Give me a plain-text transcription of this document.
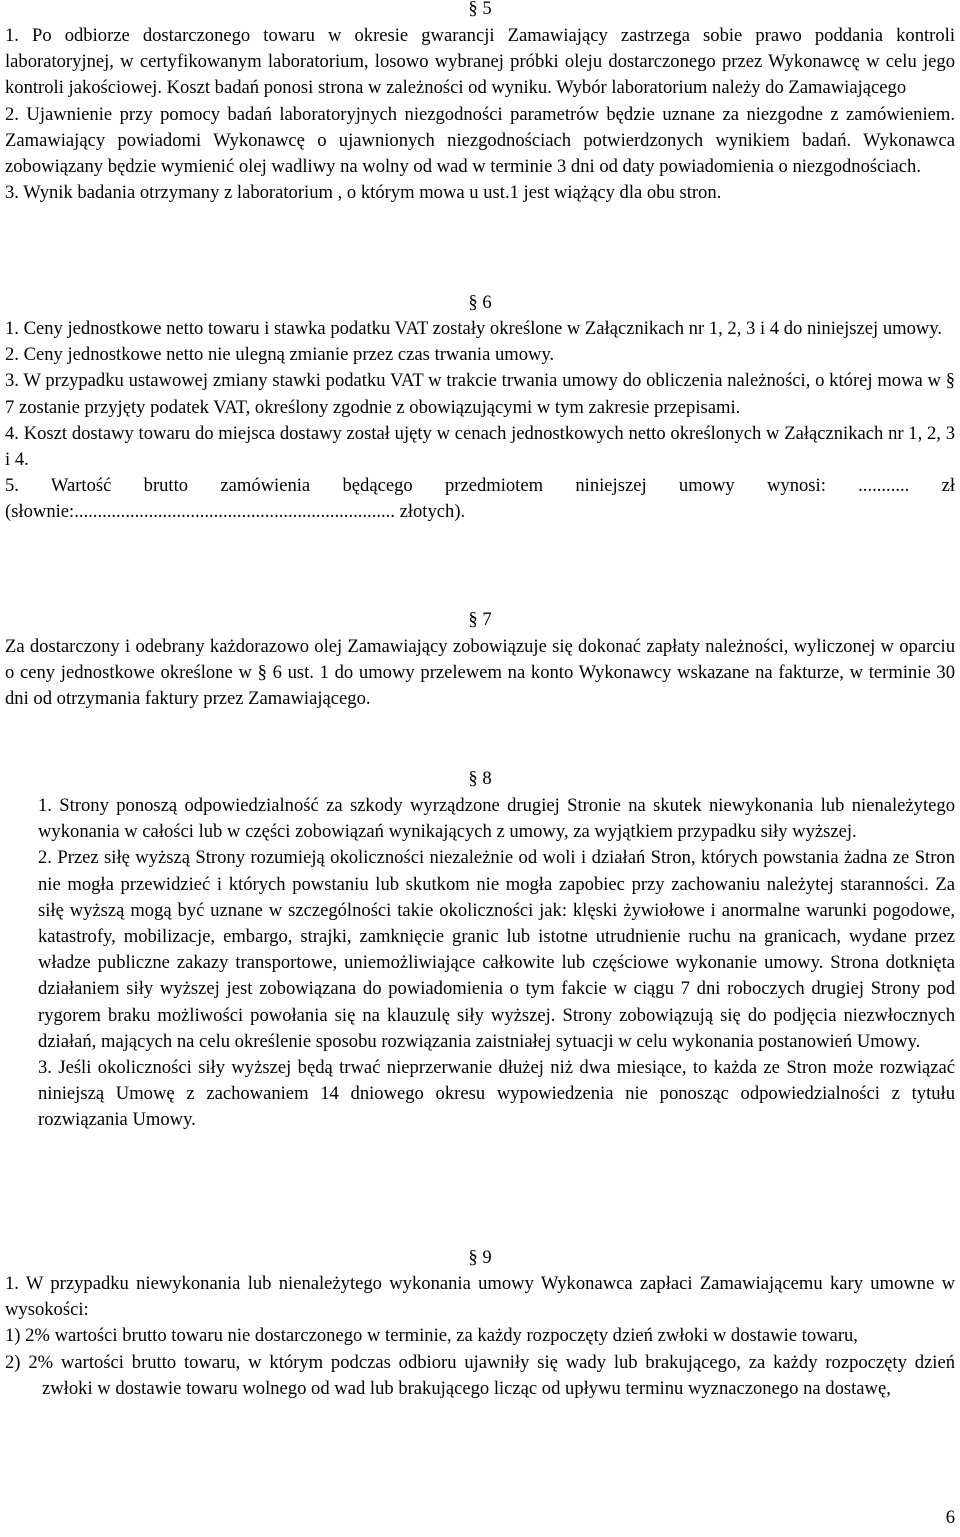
§ 5

1. Po odbiorze dostarczonego towaru w okresie gwarancji Zamawiający zastrzega sobie prawo poddania kontroli laboratoryjnej, w certyfikowanym laboratorium, losowo wybranej próbki oleju dostarczonego przez Wykonawcę w celu jego kontroli jakościowej. Koszt badań ponosi strona w zależności od wyniku. Wybór laboratorium należy do Zamawiającego

2. Ujawnienie przy pomocy badań laboratoryjnych niezgodności parametrów będzie uznane za niezgodne z zamówieniem. Zamawiający powiadomi Wykonawcę o ujawnionych niezgodnościach potwierdzonych wynikiem badań. Wykonawca zobowiązany będzie wymienić olej wadliwy na wolny od wad w terminie 3 dni od daty powiadomienia o niezgodnościach.

3. Wynik badania otrzymany z laboratorium , o którym mowa u ust.1 jest wiążący dla obu stron.

§ 6

1. Ceny jednostkowe netto towaru i stawka podatku VAT zostały określone w Załącznikach nr 1, 2, 3 i 4 do niniejszej umowy.

2. Ceny jednostkowe netto nie ulegną zmianie przez czas trwania umowy.

3. W przypadku ustawowej zmiany stawki podatku VAT w trakcie trwania umowy do obliczenia należności, o której mowa w § 7 zostanie przyjęty podatek VAT, określony zgodnie z obowiązującymi w tym zakresie przepisami.

4. Koszt dostawy towaru do miejsca dostawy został ujęty w cenach jednostkowych netto określonych w Załącznikach nr 1, 2, 3 i 4.

5. Wartość brutto zamówienia będącego przedmiotem niniejszej umowy wynosi: ........... zł (słownie:..................................................................... złotych).

§ 7

Za dostarczony i odebrany każdorazowo olej Zamawiający zobowiązuje się dokonać zapłaty należności, wyliczonej w oparciu o ceny jednostkowe określone w § 6 ust. 1 do umowy przelewem na konto Wykonawcy wskazane na fakturze, w terminie 30 dni od otrzymania faktury przez Zamawiającego.

§ 8

1. Strony ponoszą odpowiedzialność za szkody wyrządzone drugiej Stronie na skutek niewykonania lub nienależytego wykonania w całości lub w części zobowiązań wynikających z umowy, za wyjątkiem przypadku siły wyższej.

2. Przez siłę wyższą Strony rozumieją okoliczności niezależnie od woli i działań Stron, których powstania żadna ze Stron nie mogła przewidzieć i których powstaniu lub skutkom nie mogła zapobiec przy zachowaniu należytej staranności. Za siłę wyższą mogą być uznane w szczególności takie okoliczności jak: klęski żywiołowe i anormalne warunki pogodowe, katastrofy, mobilizacje, embargo, strajki, zamknięcie granic lub istotne utrudnienie ruchu na granicach, wydane przez władze publiczne zakazy transportowe, uniemożliwiające całkowite lub częściowe wykonanie umowy. Strona dotknięta działaniem siły wyższej jest zobowiązana do powiadomienia o tym fakcie w ciągu 7 dni roboczych drugiej Strony pod rygorem braku możliwości powołania się na klauzulę siły wyższej. Strony zobowiązują się do podjęcia niezwłocznych działań, mających na celu określenie sposobu rozwiązania zaistniałej sytuacji w celu wykonania postanowień Umowy.

3. Jeśli okoliczności siły wyższej będą trwać nieprzerwanie dłużej niż dwa miesiące, to każda ze Stron może rozwiązać niniejszą Umowę z zachowaniem 14 dniowego okresu wypowiedzenia nie ponosząc odpowiedzialności z tytułu rozwiązania Umowy.

§ 9

1. W przypadku niewykonania lub nienależytego wykonania umowy Wykonawca zapłaci Zamawiającemu kary umowne w wysokości:

1) 2% wartości brutto towaru nie dostarczonego w terminie, za każdy rozpoczęty dzień zwłoki w dostawie towaru,

2) 2% wartości brutto towaru, w którym podczas odbioru ujawniły się wady lub brakującego, za każdy rozpoczęty dzień zwłoki w dostawie towaru wolnego od wad lub brakującego licząc od upływu terminu wyznaczonego na dostawę,

6
